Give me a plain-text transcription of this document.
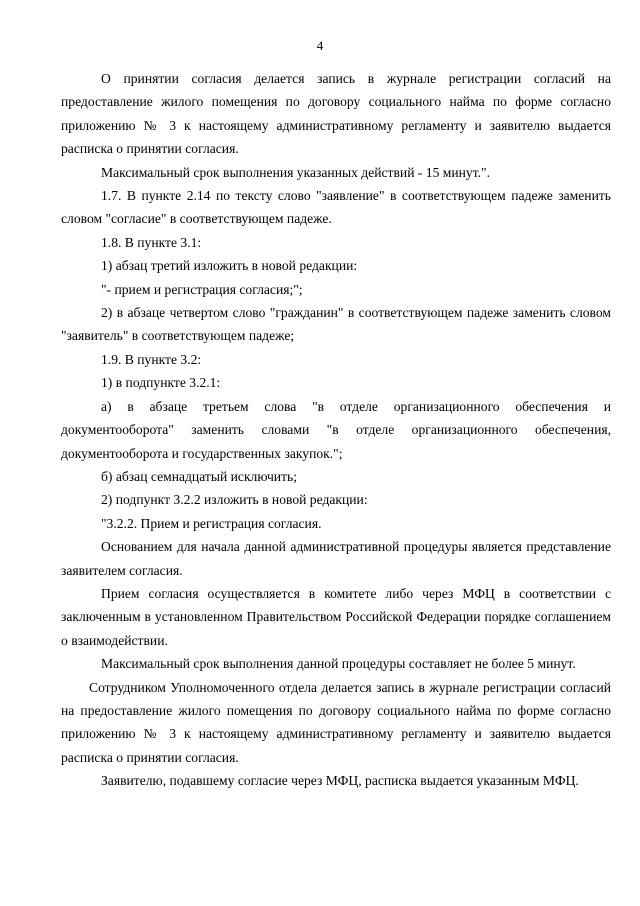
4

О принятии согласия делается запись в журнале регистрации согласий на предоставление жилого помещения по договору социального найма по форме согласно приложению № 3 к настоящему административному регламенту и заявителю выдается расписка о принятии согласия.

Максимальный срок выполнения указанных действий - 15 минут.".

1.7. В пункте 2.14 по тексту слово "заявление" в соответствующем падеже заменить словом "согласие" в соответствующем падеже.

1.8. В пункте 3.1:

1) абзац третий изложить в новой редакции:

"- прием и регистрация согласия;";

2) в абзаце четвертом слово "гражданин" в соответствующем падеже заменить словом "заявитель" в соответствующем падеже;

1.9. В пункте 3.2:

1) в подпункте 3.2.1:

а) в абзаце третьем слова "в отделе организационного обеспечения и документооборота" заменить словами "в отделе организационного обеспечения, документооборота и государственных закупок.";

б) абзац семнадцатый исключить;

2) подпункт 3.2.2 изложить в новой редакции:

"3.2.2. Прием и регистрация согласия.

Основанием для начала данной административной процедуры является представление заявителем согласия.

Прием согласия осуществляется в комитете либо через МФЦ в соответствии с заключенным в установленном Правительством Российской Федерации порядке соглашением о взаимодействии.

Максимальный срок выполнения данной процедуры составляет не более 5 минут.

Сотрудником Уполномоченного отдела делается запись в журнале регистрации согласий на предоставление жилого помещения по договору социального найма по форме согласно приложению № 3 к настоящему административному регламенту и заявителю выдается расписка о принятии согласия.

Заявителю, подавшему согласие через МФЦ, расписка выдается указанным МФЦ.
